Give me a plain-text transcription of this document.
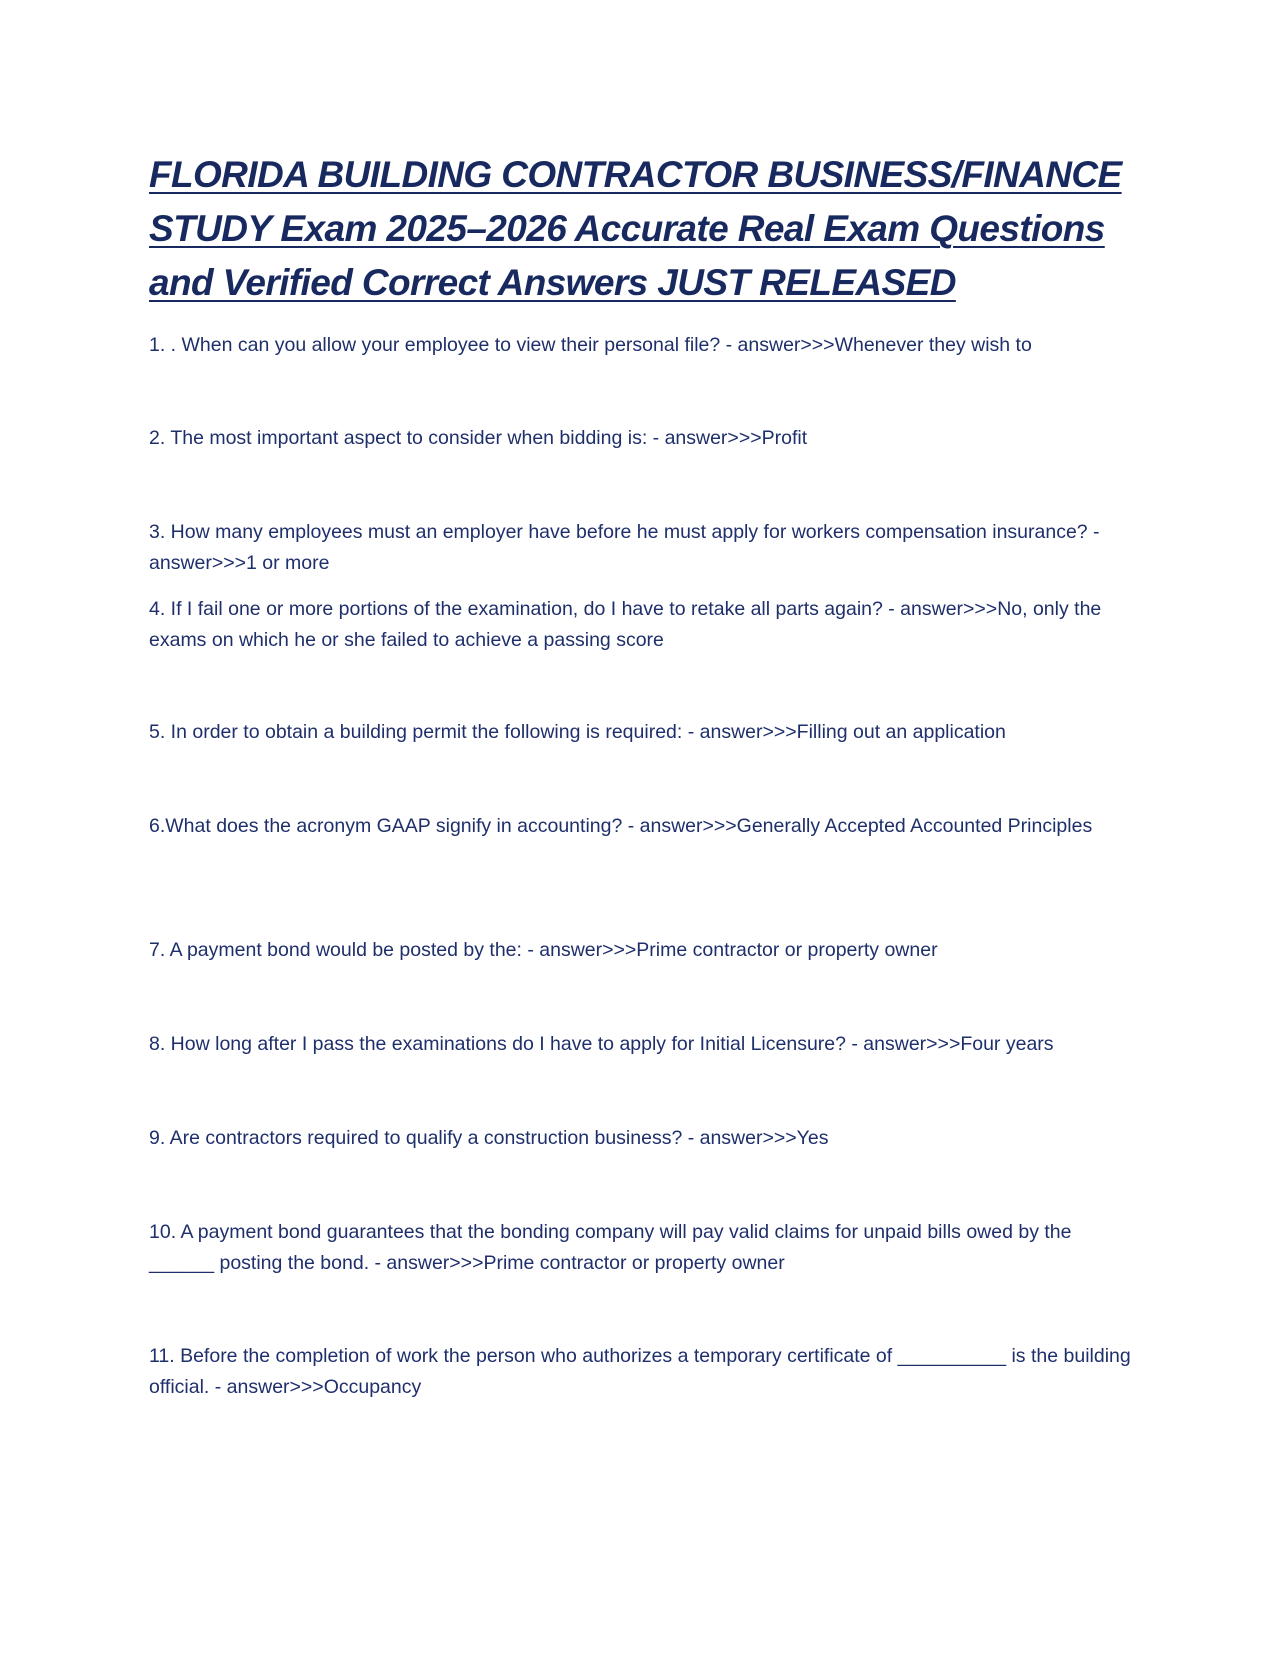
FLORIDA BUILDING CONTRACTOR BUSINESS/FINANCE STUDY Exam 2025–2026 Accurate Real Exam Questions and Verified Correct Answers JUST RELEASED

1. . When can you allow your employee to view their personal file? - answer>>>Whenever they wish to

2. The most important aspect to consider when bidding is: - answer>>>Profit

3. How many employees must an employer have before he must apply for workers compensation insurance? - answer>>>1 or more

4. If I fail one or more portions of the examination, do I have to retake all parts again? - answer>>>No, only the exams on which he or she failed to achieve a passing score

5. In order to obtain a building permit the following is required: - answer>>>Filling out an application

6.What does the acronym GAAP signify in accounting? - answer>>>Generally Accepted Accounted Principles

7. A payment bond would be posted by the: - answer>>>Prime contractor or property owner

8. How long after I pass the examinations do I have to apply for Initial Licensure? - answer>>>Four years

9. Are contractors required to qualify a construction business? - answer>>>Yes

10. A payment bond guarantees that the bonding company will pay valid claims for unpaid bills owed by the ______ posting the bond. - answer>>>Prime contractor or property owner

11. Before the completion of work the person who authorizes a temporary certificate of __________ is the building official. - answer>>>Occupancy
